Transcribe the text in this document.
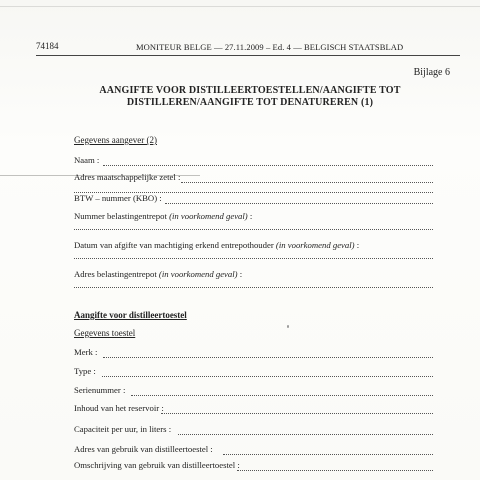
74184	MONITEUR BELGE — 27.11.2009 – Ed. 4 — BELGISCH STAATSBLAD
Bijlage 6
AANGIFTE VOOR DISTILLEERTOESTELLEN/AANGIFTE TOT
DISTILLEREN/AANGIFTE TOT DENATUREREN (1)
Gegevens aangever (2)
Naam :
Adres maatschappelijke zetel :
BTW – nummer (KBO) :
Nummer belastingentrepot (in voorkomend geval) :
Datum van afgifte van machtiging erkend entrepothouder (in voorkomend geval) :
Adres belastingentrepot (in voorkomend geval) :
Aangifte voor distilleertoestel
Gegevens toestel
Merk :
Type :
Serienummer :
Inhoud van het reservoir :
Capaciteit per uur, in liters :
Adres van gebruik van distilleertoestel :
Omschrijving van gebruik van distilleertoestel :
